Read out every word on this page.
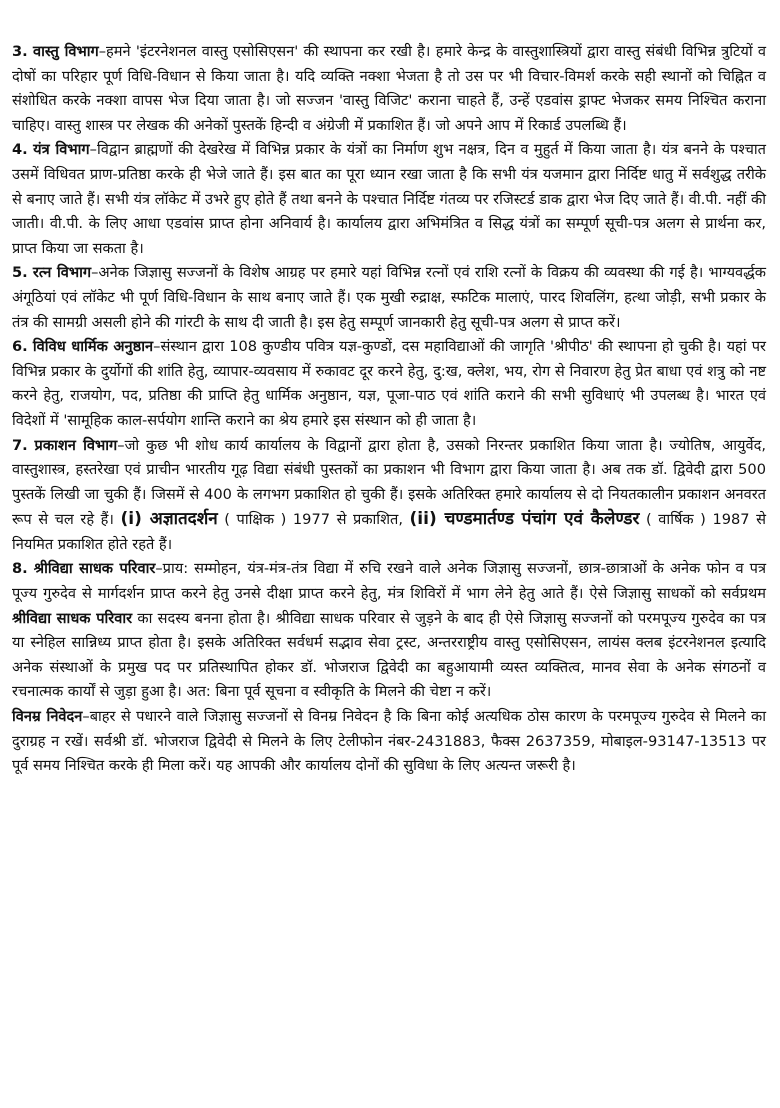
3. वास्तु विभाग–हमने 'इंटरनेशनल वास्तु एसोसिएसन' की स्थापना कर रखी है। हमारे केन्द्र के वास्तुशास्त्रियों द्वारा वास्तु संबंधी विभिन्न त्रुटियों व दोषों का परिहार पूर्ण विधि-विधान से किया जाता है। यदि व्यक्ति नक्शा भेजता है तो उस पर भी विचार-विमर्श करके सही स्थानों को चिह्नित व संशोधित करके नक्शा वापस भेज दिया जाता है। जो सज्जन 'वास्तु विजिट' कराना चाहते हैं, उन्हें एडवांस ड्राफ्ट भेजकर समय निश्चित कराना चाहिए। वास्तु शास्त्र पर लेखक की अनेकों पुस्तकें हिन्दी व अंग्रेजी में प्रकाशित हैं। जो अपने आप में रिकार्ड उपलब्धि हैं।

4. यंत्र विभाग–विद्वान ब्राह्मणों की देखरेख में विभिन्न प्रकार के यंत्रों का निर्माण शुभ नक्षत्र, दिन व मुहुर्त में किया जाता है। यंत्र बनने के पश्चात उसमें विधिवत प्राण-प्रतिष्ठा करके ही भेजे जाते हैं। इस बात का पूरा ध्यान रखा जाता है कि सभी यंत्र यजमान द्वारा निर्दिष्ट धातु में सर्वशुद्ध तरीके से बनाए जाते हैं। सभी यंत्र लॉकेट में उभरे हुए होते हैं तथा बनने के पश्चात निर्दिष्ट गंतव्य पर रजिस्टर्ड डाक द्वारा भेज दिए जाते हैं। वी.पी. नहीं की जाती। वी.पी. के लिए आधा एडवांस प्राप्त होना अनिवार्य है। कार्यालय द्वारा अभिमंत्रित व सिद्ध यंत्रों का सम्पूर्ण सूची-पत्र अलग से प्रार्थना कर, प्राप्त किया जा सकता है।

5. रत्न विभाग–अनेक जिज्ञासु सज्जनों के विशेष आग्रह पर हमारे यहां विभिन्न रत्नों एवं राशि रत्नों के विक्रय की व्यवस्था की गई है। भाग्यवर्द्धक अंगूठियां एवं लॉकेट भी पूर्ण विधि-विधान के साथ बनाए जाते हैं। एक मुखी रुद्राक्ष, स्फटिक मालाएं, पारद शिवलिंग, हत्था जोड़ी, सभी प्रकार के तंत्र की सामग्री असली होने की गांरटी के साथ दी जाती है। इस हेतु सम्पूर्ण जानकारी हेतु सूची-पत्र अलग से प्राप्त करें।

6. विविध धार्मिक अनुष्ठान–संस्थान द्वारा 108 कुण्डीय पवित्र यज्ञ-कुण्डों, दस महाविद्याओं की जागृति 'श्रीपीठ' की स्थापना हो चुकी है। यहां पर विभिन्न प्रकार के दुर्योगों की शांति हेतु, व्यापार-व्यवसाय में रुकावट दूर करने हेतु, दु:ख, क्लेश, भय, रोग से निवारण हेतु प्रेत बाधा एवं शत्रु को नष्ट करने हेतु, राजयोग, पद, प्रतिष्ठा की प्राप्ति हेतु धार्मिक अनुष्ठान, यज्ञ, पूजा-पाठ एवं शांति कराने की सभी सुविधाएं भी उपलब्ध है। भारत एवं विदेशों में 'सामूहिक काल-सर्पयोग शान्ति कराने का श्रेय हमारे इस संस्थान को ही जाता है।

7. प्रकाशन विभाग–जो कुछ भी शोध कार्य कार्यालय के विद्वानों द्वारा होता है, उसको निरन्तर प्रकाशित किया जाता है। ज्योतिष, आयुर्वेद, वास्तुशास्त्र, हस्तरेखा एवं प्राचीन भारतीय गूढ़ विद्या संबंधी पुस्तकों का प्रकाशन भी विभाग द्वारा किया जाता है। अब तक डॉ. द्विवेदी द्वारा 500 पुस्तकें लिखी जा चुकी हैं। जिसमें से 400 के लगभग प्रकाशित हो चुकी हैं। इसके अतिरिक्त हमारे कार्यालय से दो नियतकालीन प्रकाशन अनवरत रूप से चल रहे हैं। (i) अज्ञातदर्शन ( पाक्षिक ) 1977 से प्रकाशित, (ii) चण्डमार्तण्ड पंचांग एवं कैलेण्डर ( वार्षिक ) 1987 से नियमित प्रकाशित होते रहते हैं।

8. श्रीविद्या साधक परिवार–प्राय: सम्मोहन, यंत्र-मंत्र-तंत्र विद्या में रुचि रखने वाले अनेक जिज्ञासु सज्जनों, छात्र-छात्राओं के अनेक फोन व पत्र पूज्य गुरुदेव से मार्गदर्शन प्राप्त करने हेतु उनसे दीक्षा प्राप्त करने हेतु, मंत्र शिविरों में भाग लेने हेतु आते हैं। ऐसे जिज्ञासु साधकों को सर्वप्रथम श्रीविद्या साधक परिवार का सदस्य बनना होता है। श्रीविद्या साधक परिवार से जुड़ने के बाद ही ऐसे जिज्ञासु सज्जनों को परमपूज्य गुरुदेव का पत्र या स्नेहिल सान्निध्य प्राप्त होता है। इसके अतिरिक्त सर्वधर्म सद्भाव सेवा ट्रस्ट, अन्तरराष्ट्रीय वास्तु एसोसिएसन, लायंस क्लब इंटरनेशनल इत्यादि अनेक संस्थाओं के प्रमुख पद पर प्रतिस्थापित होकर डॉ. भोजराज द्विवेदी का बहुआयामी व्यस्त व्यक्तित्व, मानव सेवा के अनेक संगठनों व रचनात्मक कार्यों से जुड़ा हुआ है। अत: बिना पूर्व सूचना व स्वीकृति के मिलने की चेष्टा न करें।

विनम्र निवेदन–बाहर से पधारने वाले जिज्ञासु सज्जनों से विनम्र निवेदन है कि बिना कोई अत्यधिक ठोस कारण के परमपूज्य गुरुदेव से मिलने का दुराग्रह न रखें। सर्वश्री डॉ. भोजराज द्विवेदी से मिलने के लिए टेलीफोन नंबर-2431883, फैक्स 2637359, मोबाइल-93147-13513 पर पूर्व समय निश्चित करके ही मिला करें। यह आपकी और कार्यालय दोनों की सुविधा के लिए अत्यन्त जरूरी है।
